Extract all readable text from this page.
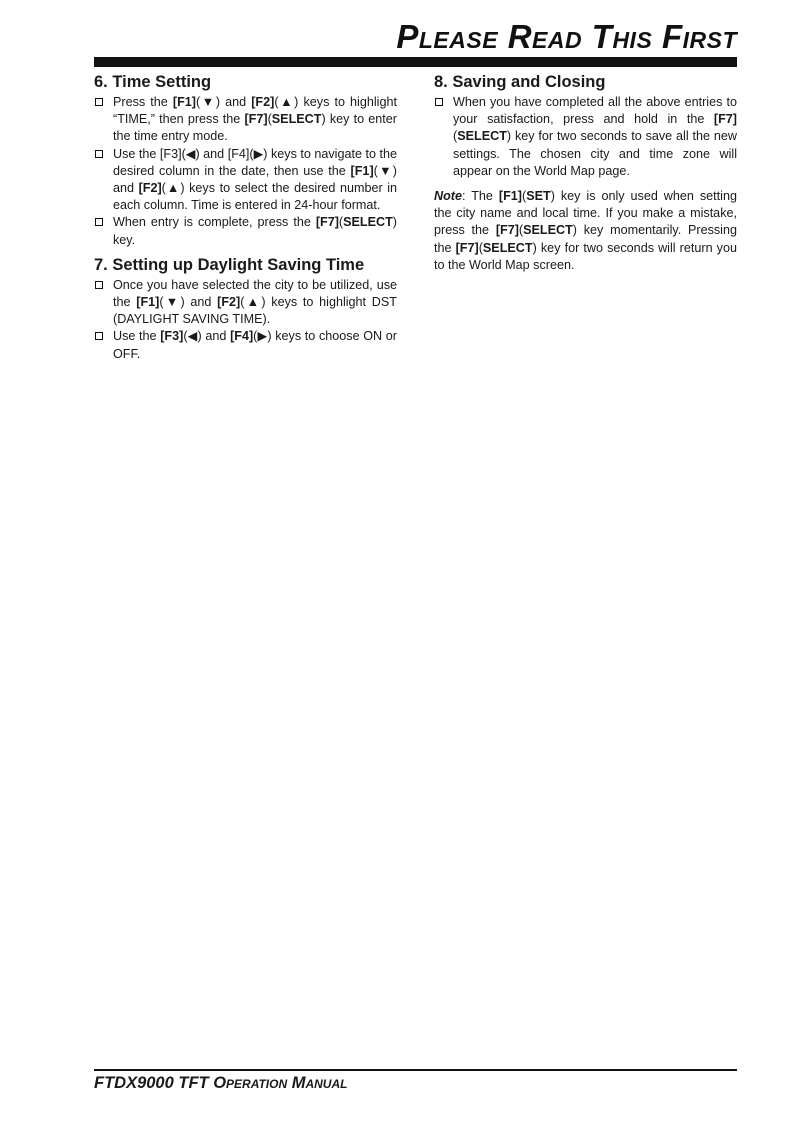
Please Read This First
6. Time Setting
Press the [F1](▼) and [F2](▲) keys to highlight “TIME,” then press the [F7](SELECT) key to enter the time entry mode.
Use the [F3](◀) and [F4](▶) keys to navigate to the desired column in the date, then use the [F1](▼) and [F2](▲) keys to select the desired number in each column. Time is entered in 24-hour format.
When entry is complete, press the [F7](SELECT) key.
7. Setting up Daylight Saving Time
Once you have selected the city to be utilized, use the [F1](▼) and [F2](▲) keys to highlight DST (DAYLIGHT SAVING TIME).
Use the [F3](◀) and [F4](▶) keys to choose ON or OFF.
8. Saving and Closing
When you have completed all the above entries to your satisfaction, press and hold in the [F7](SELECT) key for two seconds to save all the new settings. The chosen city and time zone will appear on the World Map page.

Note: The [F1](SET) key is only used when setting the city name and local time. If you make a mistake, press the [F7](SELECT) key momentarily. Pressing the [F7](SELECT) key for two seconds will return you to the World Map screen.

FTDX9000 TFT Operation Manual
